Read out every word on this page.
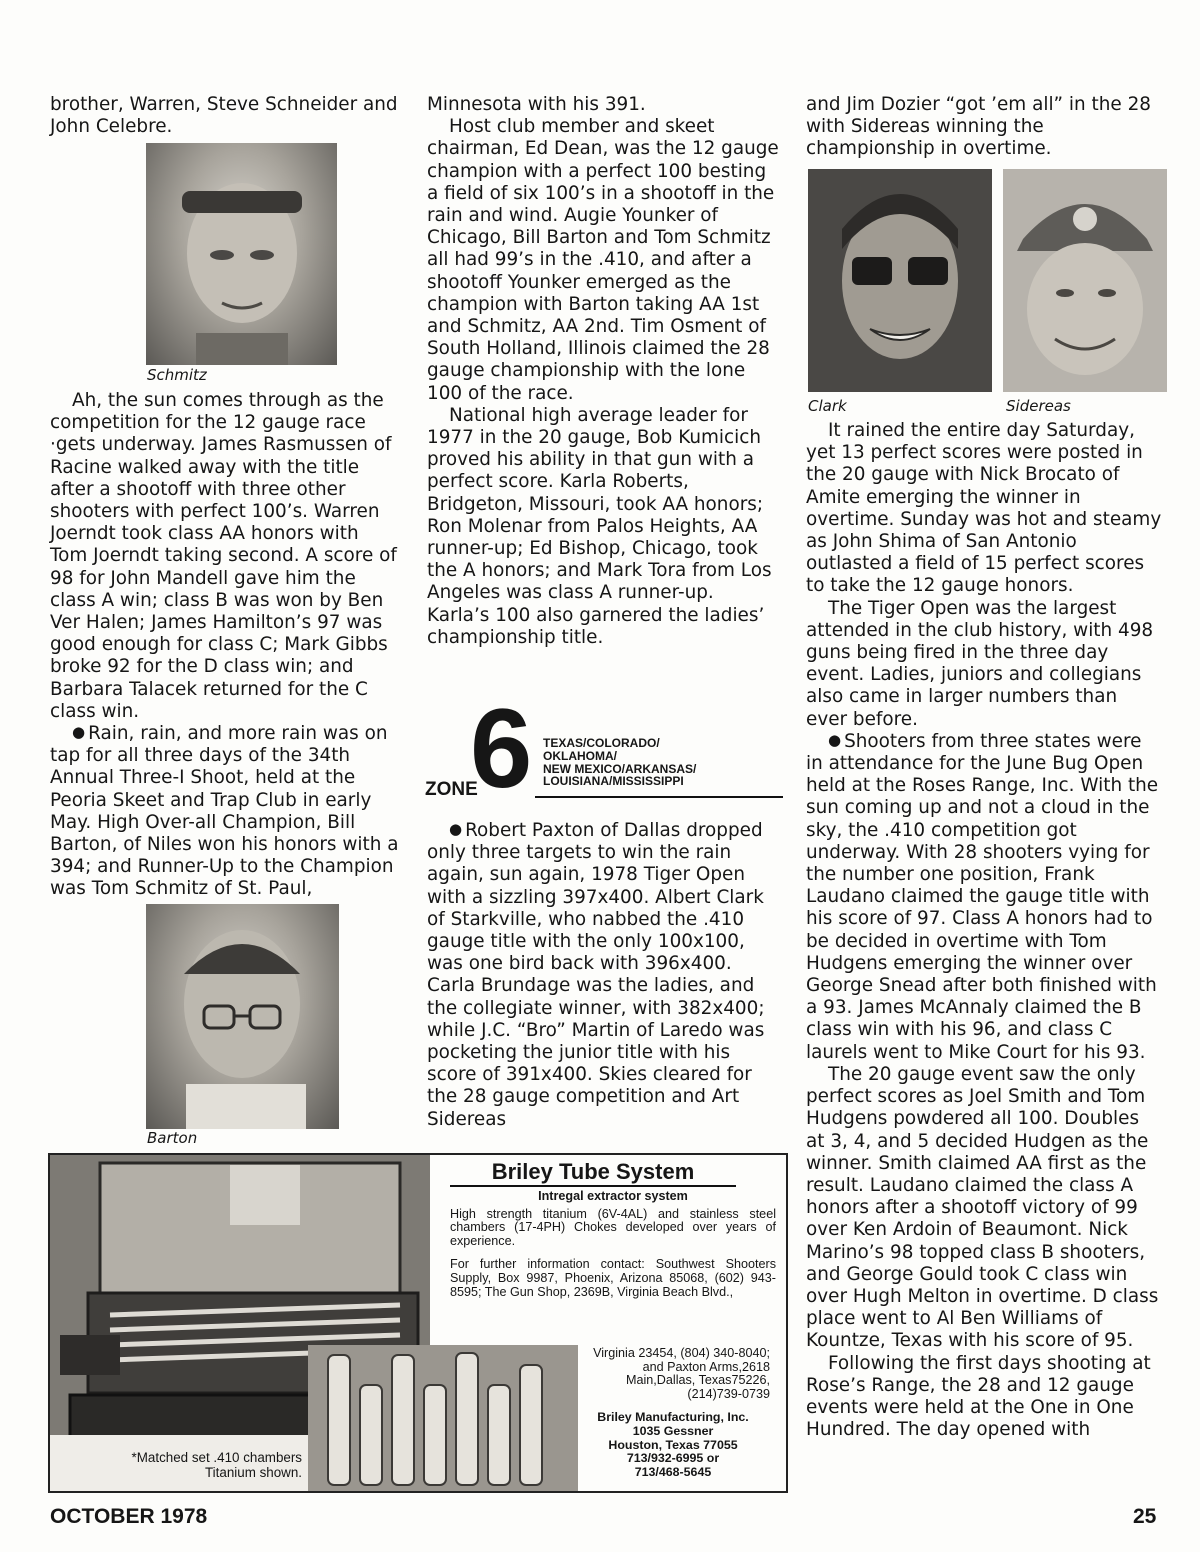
brother, Warren, Steve Schneider and John Celebre.

Schmitz

Ah, the sun comes through as the competition for the 12 gauge race ·gets underway. James Rasmussen of Racine walked away with the title after a shootoff with three other shooters with perfect 100’s. Warren Joerndt took class AA honors with Tom Joerndt taking second. A score of 98 for John Mandell gave him the class A win; class B was won by Ben Ver Halen; James Hamilton’s 97 was good enough for class C; Mark Gibbs broke 92 for the D class win; and Barbara Talacek returned for the C class win.

● Rain, rain, and more rain was on tap for all three days of the 34th Annual Three-I Shoot, held at the Peoria Skeet and Trap Club in early May. High Over-all Champion, Bill Barton, of Niles won his honors with a 394; and Runner-Up to the Champion was Tom Schmitz of St. Paul,

Barton

Minnesota with his 391.

Host club member and skeet chairman, Ed Dean, was the 12 gauge champion with a perfect 100 besting a field of six 100’s in a shootoff in the rain and wind. Augie Younker of Chicago, Bill Barton and Tom Schmitz all had 99’s in the .410, and after a shootoff Younker emerged as the champion with Barton taking AA 1st and Schmitz, AA 2nd. Tim Osment of South Holland, Illinois claimed the 28 gauge championship with the lone 100 of the race.

National high average leader for 1977 in the 20 gauge, Bob Kumicich proved his ability in that gun with a perfect score. Karla Roberts, Bridgeton, Missouri, took AA honors; Ron Molenar from Palos Heights, AA runner-up; Ed Bishop, Chicago, took the A honors; and Mark Tora from Los Angeles was class A runner-up. Karla’s 100 also garnered the ladies’ championship title.

ZONE
6 TEXAS/COLORADO/
OKLAHOMA/
NEW MEXICO/ARKANSAS/
LOUISIANA/MISSISSIPPI

● Robert Paxton of Dallas dropped only three targets to win the rain again, sun again, 1978 Tiger Open with a sizzling 397x400. Albert Clark of Starkville, who nabbed the .410 gauge title with the only 100x100, was one bird back with 396x400. Carla Brundage was the ladies, and the collegiate winner, with 382x400; while J.C. “Bro” Martin of Laredo was pocketing the junior title with his score of 391x400. Skies cleared for the 28 gauge competition and Art Sidereas

and Jim Dozier “got ’em all” in the 28 with Sidereas winning the championship in overtime.

Clark	Sidereas

It rained the entire day Saturday, yet 13 perfect scores were posted in the 20 gauge with Nick Brocato of Amite emerging the winner in overtime. Sunday was hot and steamy as John Shima of San Antonio outlasted a field of 15 perfect scores to take the 12 gauge honors.

The Tiger Open was the largest attended in the club history, with 498 guns being fired in the three day event. Ladies, juniors and collegians also came in larger numbers than ever before.

● Shooters from three states were in attendance for the June Bug Open held at the Roses Range, Inc. With the sun coming up and not a cloud in the sky, the .410 competition got underway. With 28 shooters vying for the number one position, Frank Laudano claimed the gauge title with his score of 97. Class A honors had to be decided in overtime with Tom Hudgens emerging the winner over George Snead after both finished with a 93. James McAnnaly claimed the B class win with his 96, and class C laurels went to Mike Court for his 93.

The 20 gauge event saw the only perfect scores as Joel Smith and Tom Hudgens powdered all 100. Doubles at 3, 4, and 5 decided Hudgen as the winner. Smith claimed AA first as the result. Laudano claimed the class A honors after a shootoff victory of 99 over Ken Ardoin of Beaumont. Nick Marino’s 98 topped class B shooters, and George Gould took C class win over Hugh Melton in overtime. D class place went to Al Ben Williams of Kountze, Texas with his score of 95.

Following the first days shooting at Rose’s Range, the 28 and 12 gauge events were held at the One in One Hundred. The day opened with

*Matched set .410 chambers
Titanium shown.
Briley Tube System
Intregal extractor system
High strength titanium (6V-4AL) and stainless steel chambers (17-4PH) Chokes developed over years of experience.
For further information contact: Southwest Shooters Supply, Box 9987, Phoenix, Arizona 85068, (602) 943-8595; The Gun Shop, 2369B, Virginia Beach Blvd.,
Virginia 23454, (804) 340-8040; and Paxton Arms,2618 Main,Dallas, Texas75226,(214)739-0739
Briley Manufacturing, Inc.
1035 Gessner
Houston, Texas 77055
713/932-6995 or
713/468-5645
OCTOBER 1978	25
